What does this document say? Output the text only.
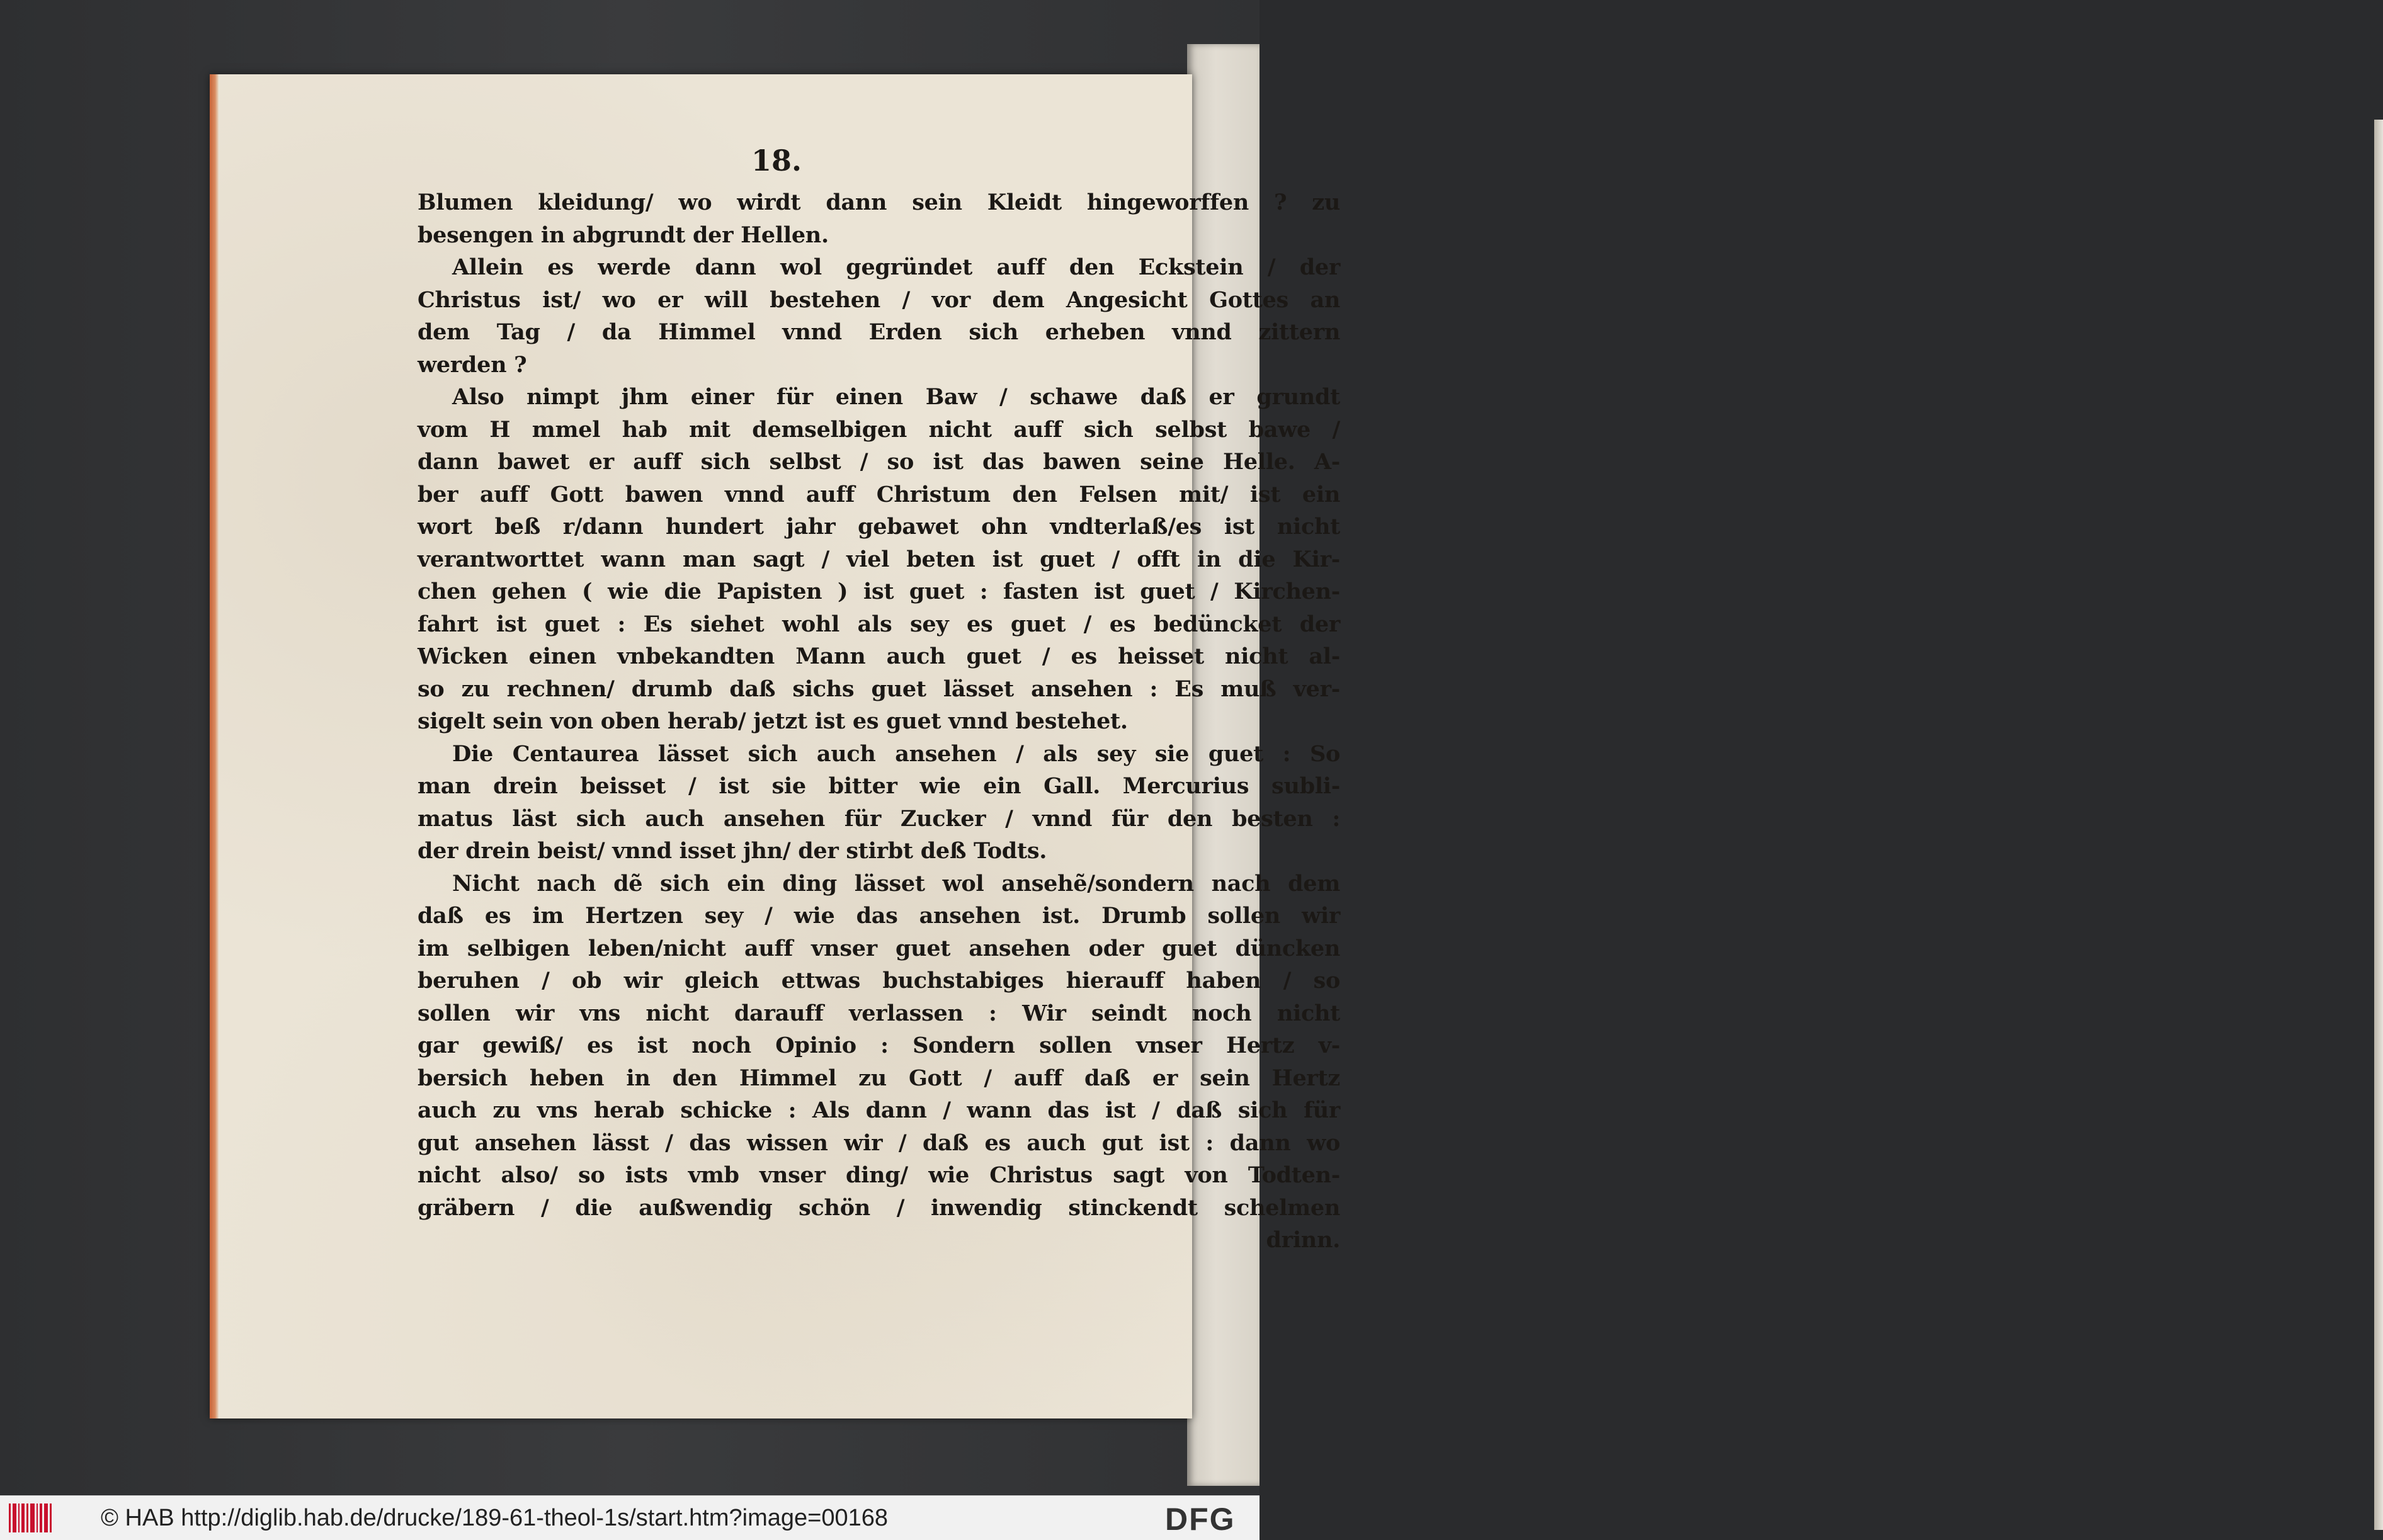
18.
Blumen kleidung/ wo wirdt dann sein Kleidt hingeworffen ? zu
besengen in abgrundt der Hellen.
Allein es werde dann wol gegründet auff den Eckstein / der
Christus ist/ wo er will bestehen / vor dem Angesicht Gottes an
dem Tag / da Himmel vnnd Erden sich erheben vnnd zittern
werden ?
Also nimpt jhm einer für einen Baw / schawe daß er grundt
vom H mmel hab mit demselbigen nicht auff sich selbst bawe /
dann bawet er auff sich selbst / so ist das bawen seine Helle. A-
ber auff Gott bawen vnnd auff Christum den Felsen mit/ ist ein
wort beß r/dann hundert jahr gebawet ohn vndterlaß/es ist nicht
verantworttet wann man sagt / viel beten ist guet / offt in die Kir-
chen gehen ( wie die Papisten ) ist guet : fasten ist guet / Kirchen-
fahrt ist guet : Es siehet wohl als sey es guet / es bedüncket der
Wicken einen vnbekandten Mann auch guet / es heisset nicht al-
so zu rechnen/ drumb daß sichs guet lässet ansehen : Es muß ver-
sigelt sein von oben herab/ jetzt ist es guet vnnd bestehet.
Die Centaurea lässet sich auch ansehen / als sey sie guet : So
man drein beisset / ist sie bitter wie ein Gall. Mercurius subli-
matus läst sich auch ansehen für Zucker / vnnd für den besten :
der drein beist/ vnnd isset jhn/ der stirbt deß Todts.
Nicht nach dẽ sich ein ding lässet wol ansehẽ/sondern nach dem
daß es im Hertzen sey / wie das ansehen ist. Drumb sollen wir
im selbigen leben/nicht auff vnser guet ansehen oder guet düncken
beruhen / ob wir gleich ettwas buchstabiges hierauff haben / so
sollen wir vns nicht darauff verlassen : Wir seindt noch nicht
gar gewiß/ es ist noch Opinio : Sondern sollen vnser Hertz v-
bersich heben in den Himmel zu Gott / auff daß er sein Hertz
auch zu vns herab schicke : Als dann / wann das ist / daß sich für
gut ansehen lässt / das wissen wir / daß es auch gut ist : dann wo
nicht also/ so ists vmb vnser ding/ wie Christus sagt von Todten-
gräbern / die außwendig schön / inwendig stinckendt schelmen
drinn.
© HAB http://diglib.hab.de/drucke/189-61-theol-1s/start.htm?image=00168	DFG
